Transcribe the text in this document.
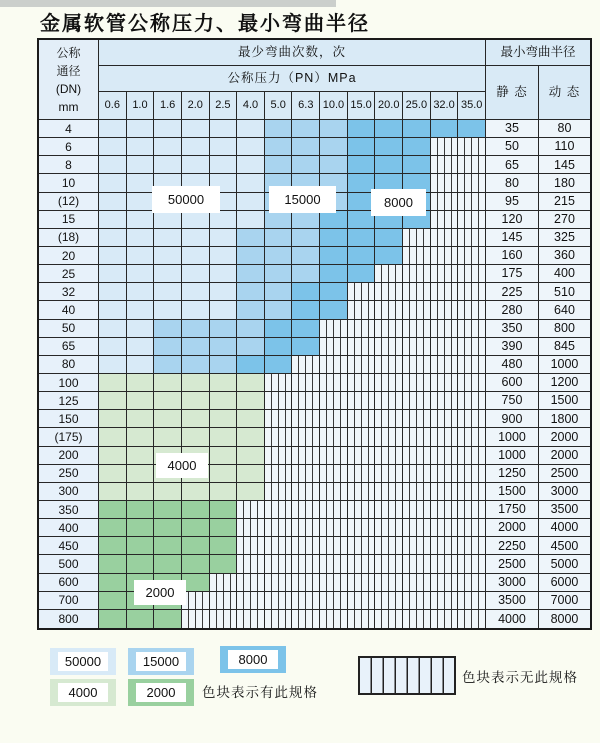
金属软管公称压力、最小弯曲半径
公称
通径
(DN)
mm
最少弯曲次数，次	最小弯曲半径
公称压力（PN）MPa
静 态	动 态
0.6	1.0	1.6	2.0	2.5	4.0	5.0	6.3 10.0 15.0 20.0 25.0 32.0 35.0
4	35	80
6	50	110
8	65	145
10	80	180
(12)	95	215
15	120	270
(18)	145	325
20	160	360
25	175	400
32	225	510
40	280	640
50	350	800
65	390	845
80	480	1000
100	600	1200
125	750	1500
150	900	1800
(175)	1000	2000
200	1000	2000
250	1250	2500
300	1500	3000
350	1750	3500
400	2000	4000
450	2250	4500
500	2500	5000
600	3000	6000
700	3500	7000
800	4000	8000
50000	15000	8000
4000
2000
色块表示有此规格
色块表示无此规格
50000	15000	8000
4000	2000
